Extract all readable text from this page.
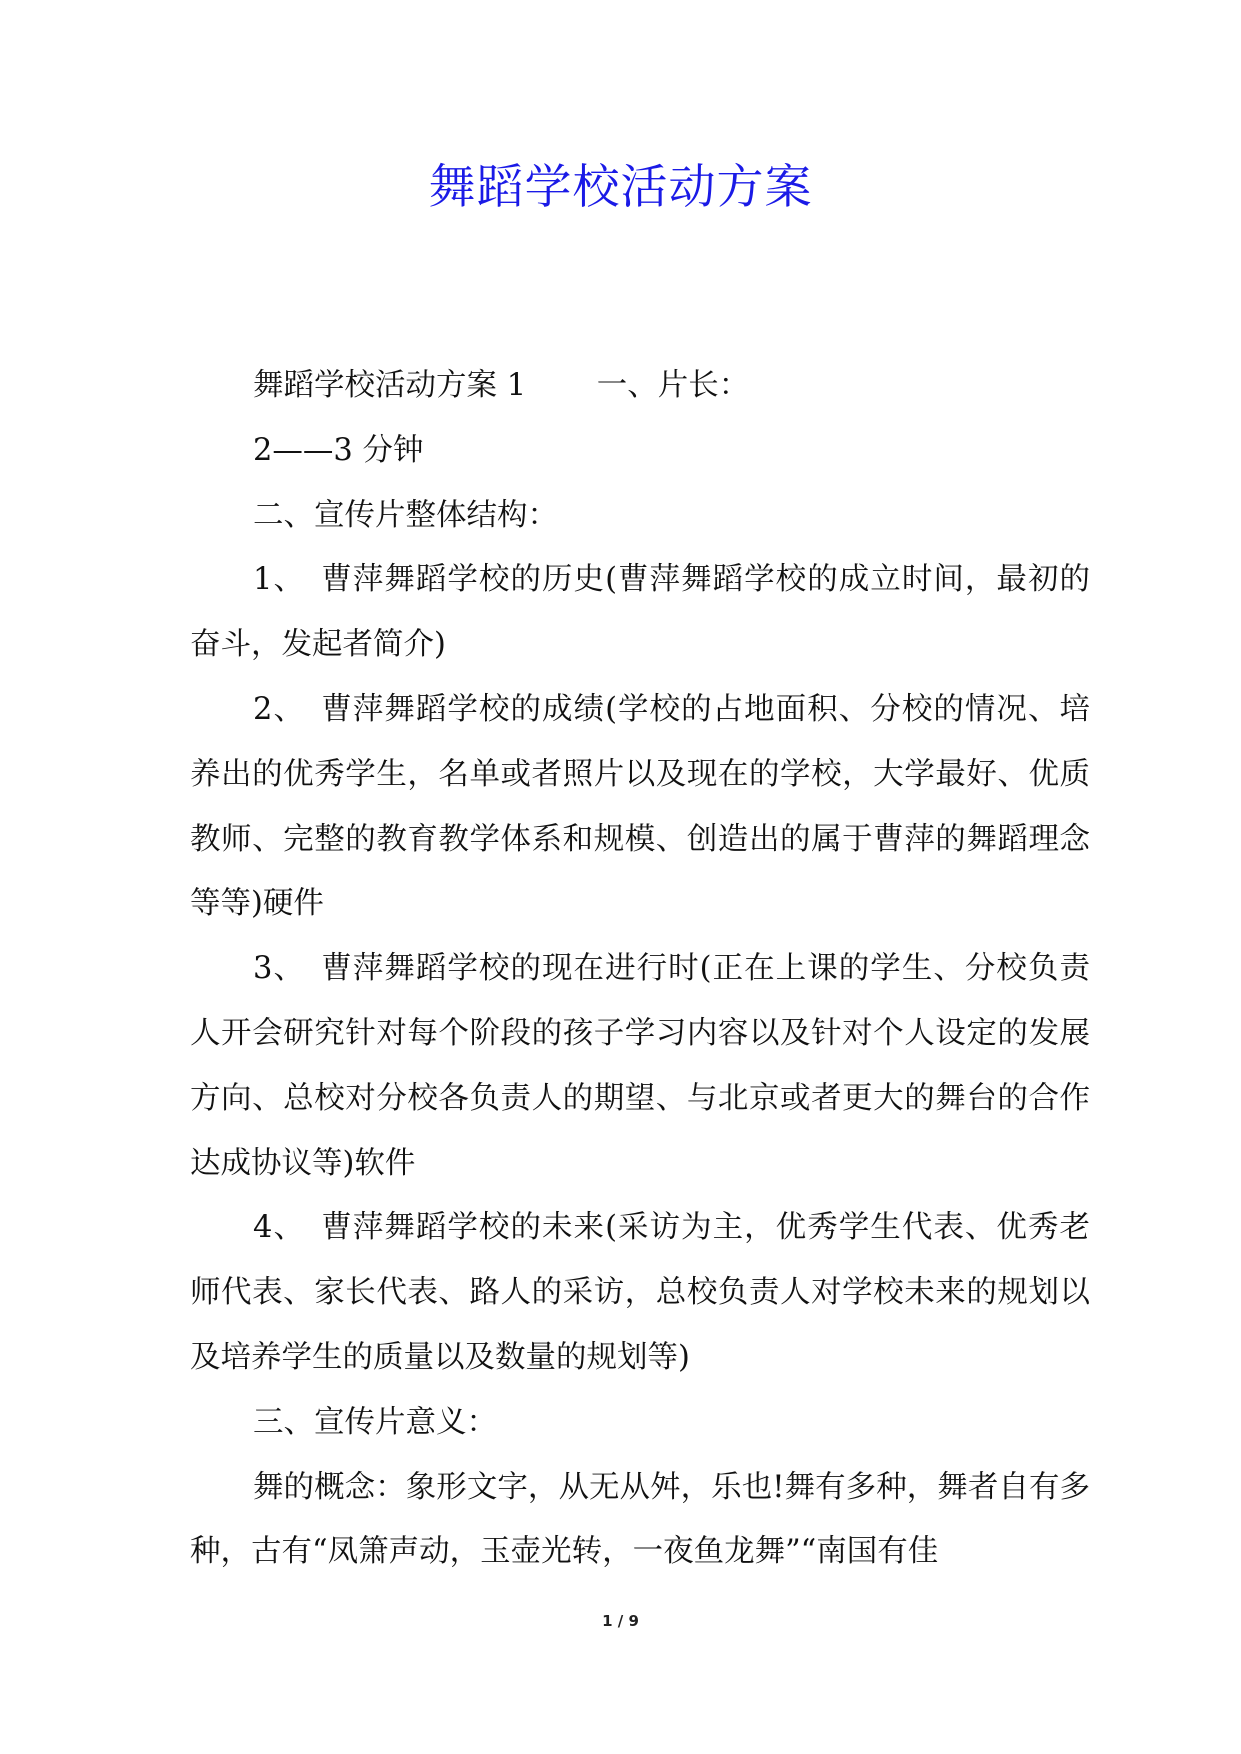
舞蹈学校活动方案

舞蹈学校活动方案 1　　 一、片长：

2——3 分钟

二、宣传片整体结构：

1、　曹萍舞蹈学校的历史(曹萍舞蹈学校的成立时间，最初的奋斗，发起者简介)

2、　曹萍舞蹈学校的成绩(学校的占地面积、分校的情况、培养出的优秀学生，名单或者照片以及现在的学校，大学最好、优质教师、完整的教育教学体系和规模、创造出的属于曹萍的舞蹈理念等等)硬件

3、　曹萍舞蹈学校的现在进行时(正在上课的学生、分校负责人开会研究针对每个阶段的孩子学习内容以及针对个人设定的发展方向、总校对分校各负责人的期望、与北京或者更大的舞台的合作达成协议等)软件

4、　曹萍舞蹈学校的未来(采访为主，优秀学生代表、优秀老师代表、家长代表、路人的采访，总校负责人对学校未来的规划以及培养学生的质量以及数量的规划等)

三、宣传片意义：

舞的概念：象形文字，从无从舛，乐也!舞有多种，舞者自有多种，古有“凤箫声动，玉壶光转，一夜鱼龙舞”“南国有佳

1 / 9
